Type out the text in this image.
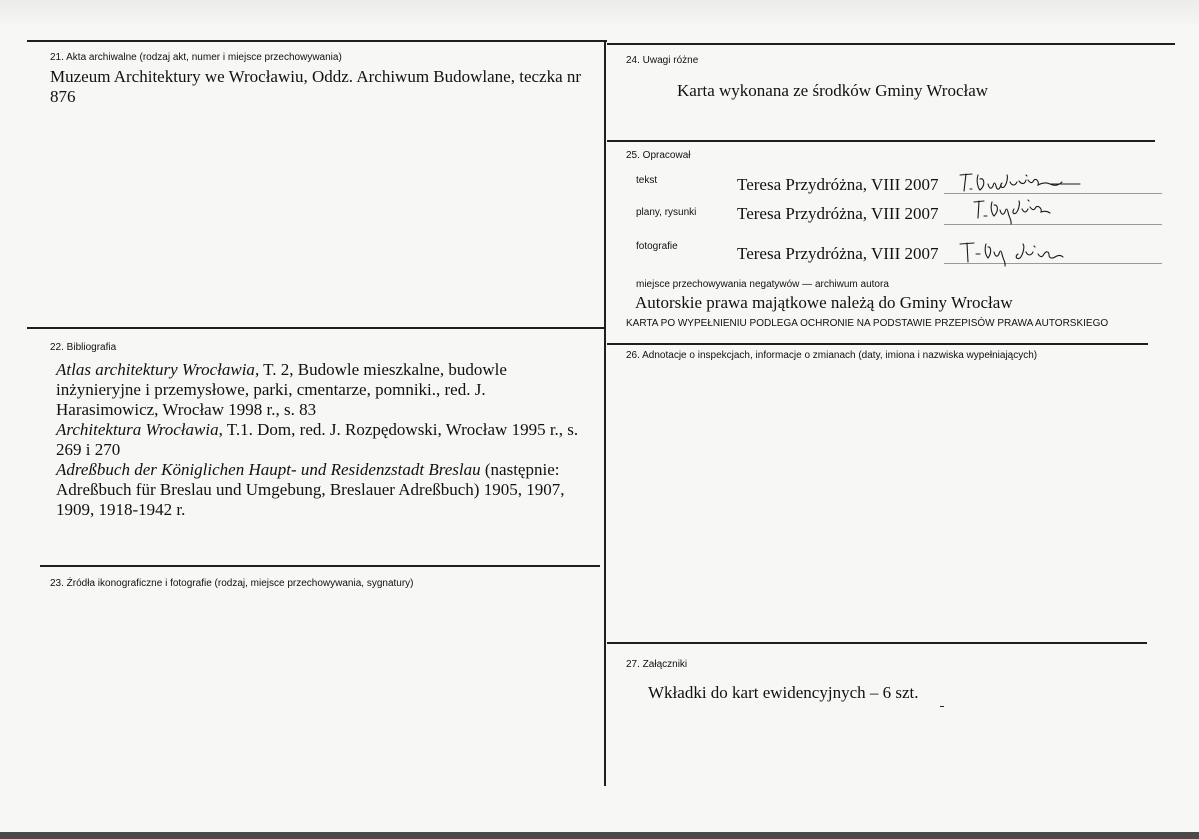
21. Akta archiwalne (rodzaj akt, numer i miejsce przechowywania)
Muzeum Architektury we Wrocławiu, Oddz. Archiwum Budowlane, teczka nr
876
22. Bibliografia
Atlas architektury Wrocławia, T. 2, Budowle mieszkalne, budowle
inżynieryjne i przemysłowe, parki, cmentarze, pomniki., red. J.
Harasimowicz, Wrocław 1998 r., s. 83
Architektura Wrocławia, T.1. Dom, red. J. Rozpędowski, Wrocław 1995 r., s.
269 i 270
Adreßbuch der Königlichen Haupt- und Residenzstadt Breslau (następnie:
Adreßbuch für Breslau und Umgebung, Breslauer Adreßbuch) 1905, 1907,
1909, 1918-1942 r.
23. Źródła ikonograficzne i fotografie (rodzaj, miejsce przechowywania, sygnatury)
24. Uwagi różne
Karta wykonana ze środków Gminy Wrocław
25. Opracował
tekst	Teresa Przydróżna, VIII 2007
plany, rysunki Teresa Przydróżna, VIII 2007
fotografie	Teresa Przydróżna, VIII 2007
miejsce przechowywania negatywów — archiwum autora
Autorskie prawa majątkowe należą do Gminy Wrocław
KARTA PO WYPEŁNIENIU PODLEGA OCHRONIE NA PODSTAWIE PRZEPISÓW PRAWA AUTORSKIEGO
26. Adnotacje o inspekcjach, informacje o zmianach (daty, imiona i nazwiska wypełniających)
27. Załączniki
Wkładki do kart ewidencyjnych – 6 szt.
